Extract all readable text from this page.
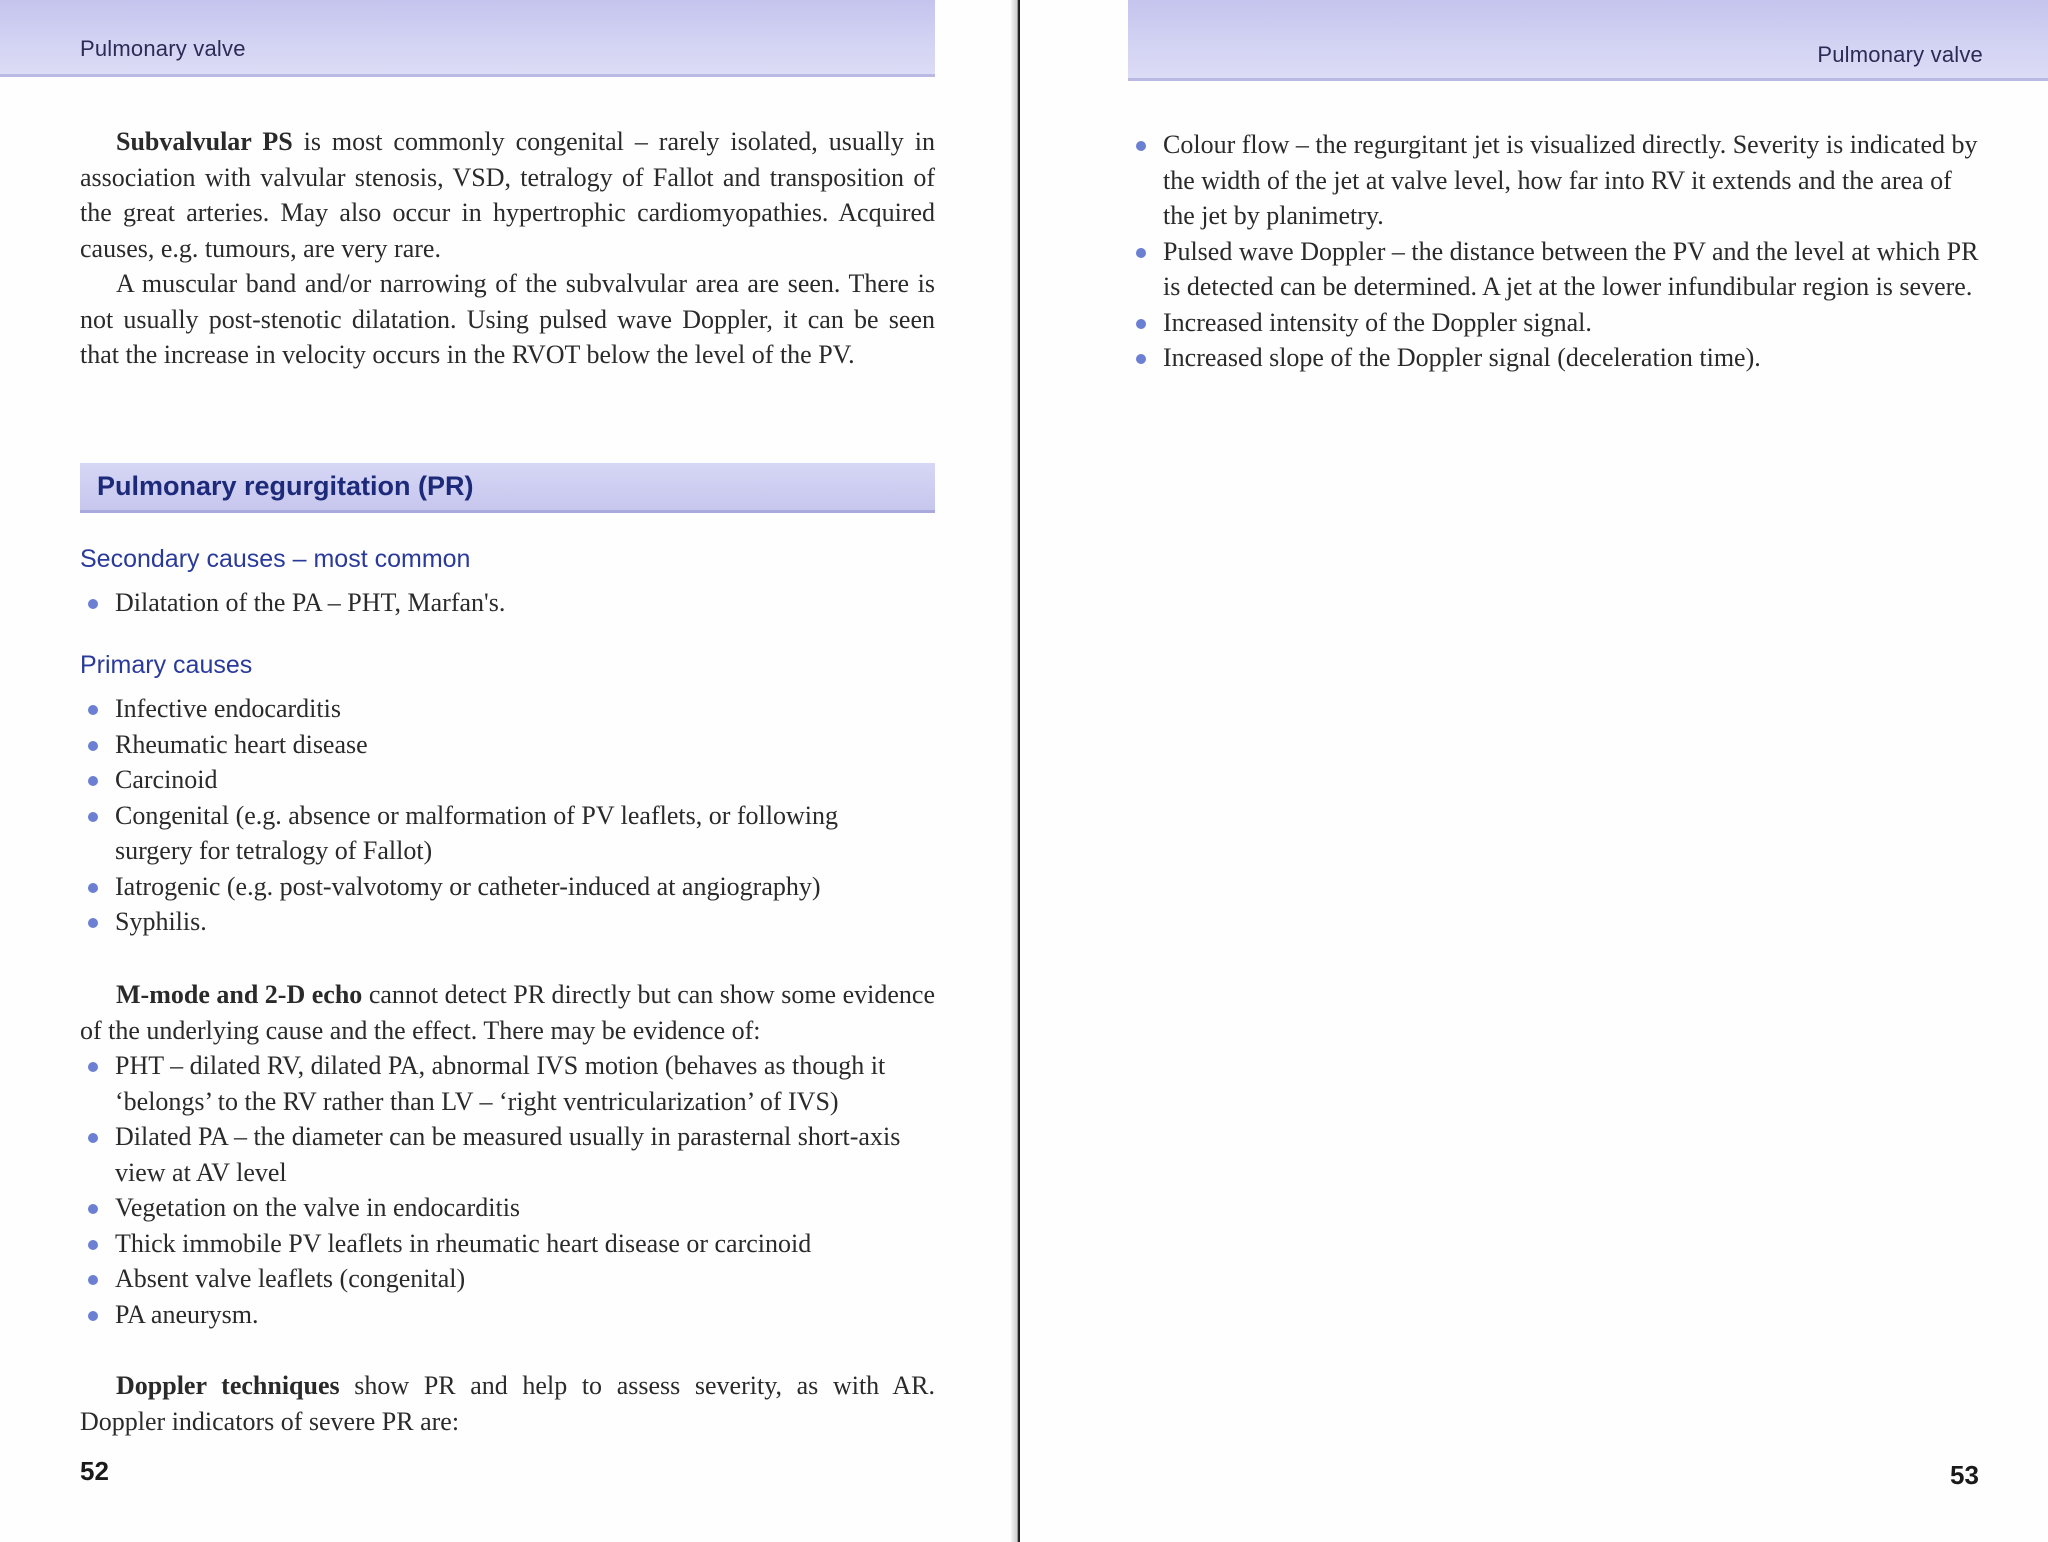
Pulmonary valve

Subvalvular PS is most commonly congenital – rarely isolated, usually in association with valvular stenosis, VSD, tetralogy of Fallot and transposition of the great arteries. May also occur in hypertrophic cardiomyopathies. Acquired causes, e.g. tumours, are very rare.

A muscular band and/or narrowing of the subvalvular area are seen. There is not usually post-stenotic dilatation. Using pulsed wave Doppler, it can be seen that the increase in velocity occurs in the RVOT below the level of the PV.

Pulmonary regurgitation (PR)
Secondary causes – most common
Dilatation of the PA – PHT, Marfan's.
Primary causes
Infective endocarditis
Rheumatic heart disease
Carcinoid
Congenital (e.g. absence or malformation of PV leaflets, or following surgery for tetralogy of Fallot)
Iatrogenic (e.g. post-valvotomy or catheter-induced at angiography)
Syphilis.

M-mode and 2-D echo cannot detect PR directly but can show some evidence of the underlying cause and the effect. There may be evidence of:

PHT – dilated RV, dilated PA, abnormal IVS motion (behaves as though it ‘belongs’ to the RV rather than LV – ‘right ventricularization’ of IVS)
Dilated PA – the diameter can be measured usually in parasternal short-axis view at AV level
Vegetation on the valve in endocarditis
Thick immobile PV leaflets in rheumatic heart disease or carcinoid
Absent valve leaflets (congenital)
PA aneurysm.

Doppler techniques show PR and help to assess severity, as with AR. Doppler indicators of severe PR are:

52
Pulmonary valve
Colour flow – the regurgitant jet is visualized directly. Severity is indicated by the width of the jet at valve level, how far into RV it extends and the area of the jet by planimetry.
Pulsed wave Doppler – the distance between the PV and the level at which PR is detected can be determined. A jet at the lower infundibular region is severe.
Increased intensity of the Doppler signal.
Increased slope of the Doppler signal (deceleration time).
53
